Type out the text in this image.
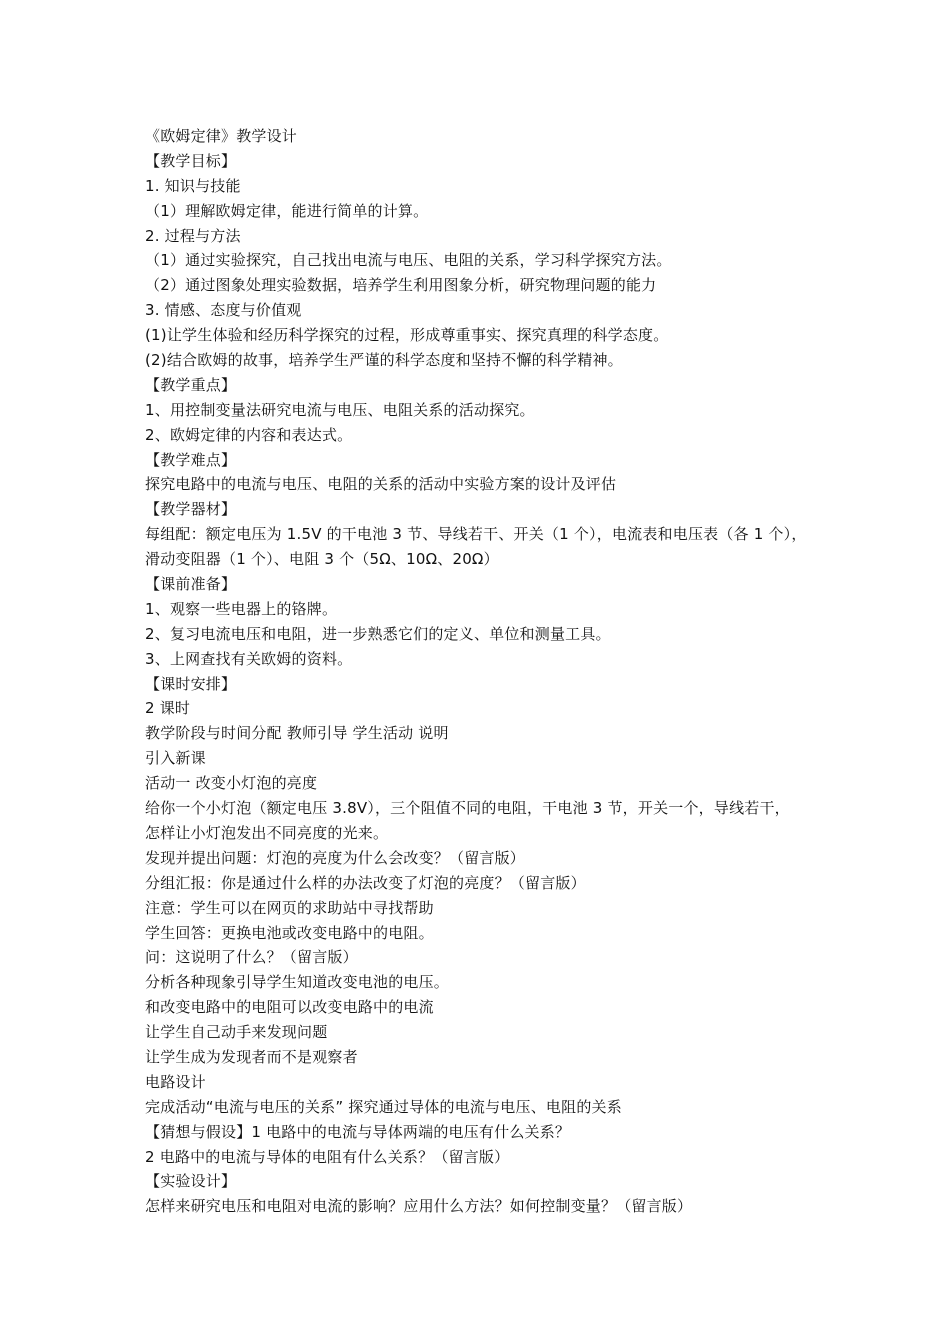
《欧姆定律》教学设计
【教学目标】
1. 知识与技能
（1）理解欧姆定律，能进行简单的计算。
2. 过程与方法
（1）通过实验探究，自己找出电流与电压、电阻的关系，学习科学探究方法。
（2）通过图象处理实验数据，培养学生利用图象分析，研究物理问题的能力
3. 情感、态度与价值观
(1)让学生体验和经历科学探究的过程，形成尊重事实、探究真理的科学态度。
(2)结合欧姆的故事，培养学生严谨的科学态度和坚持不懈的科学精神。
【教学重点】
1、用控制变量法研究电流与电压、电阻关系的活动探究。
2、欧姆定律的内容和表达式。
【教学难点】
探究电路中的电流与电压、电阻的关系的活动中实验方案的设计及评估
【教学器材】
每组配：额定电压为 1.5V 的干电池 3 节、导线若干、开关（1 个），电流表和电压表（各 1 个），
滑动变阻器（1 个）、电阻 3 个（5Ω、10Ω、20Ω）
【课前准备】
1、观察一些电器上的铬牌。
2、复习电流电压和电阻，进一步熟悉它们的定义、单位和测量工具。
3、上网查找有关欧姆的资料。
【课时安排】
2 课时
教学阶段与时间分配 教师引导 学生活动 说明
引入新课
活动一 改变小灯泡的亮度
给你一个小灯泡（额定电压 3.8V），三个阻值不同的电阻，干电池 3 节，开关一个，导线若干，
怎样让小灯泡发出不同亮度的光来。
发现并提出问题：灯泡的亮度为什么会改变？（留言版）
分组汇报：你是通过什么样的办法改变了灯泡的亮度？（留言版）
注意：学生可以在网页的求助站中寻找帮助
学生回答：更换电池或改变电路中的电阻。
问：这说明了什么？（留言版）
分析各种现象引导学生知道改变电池的电压。
和改变电路中的电阻可以改变电路中的电流
让学生自己动手来发现问题
让学生成为发现者而不是观察者
电路设计
完成活动“电流与电压的关系” 探究通过导体的电流与电压、电阻的关系
【猜想与假设】1 电路中的电流与导体两端的电压有什么关系？
2 电路中的电流与导体的电阻有什么关系？（留言版）
【实验设计】
怎样来研究电压和电阻对电流的影响？应用什么方法？如何控制变量？（留言版）
